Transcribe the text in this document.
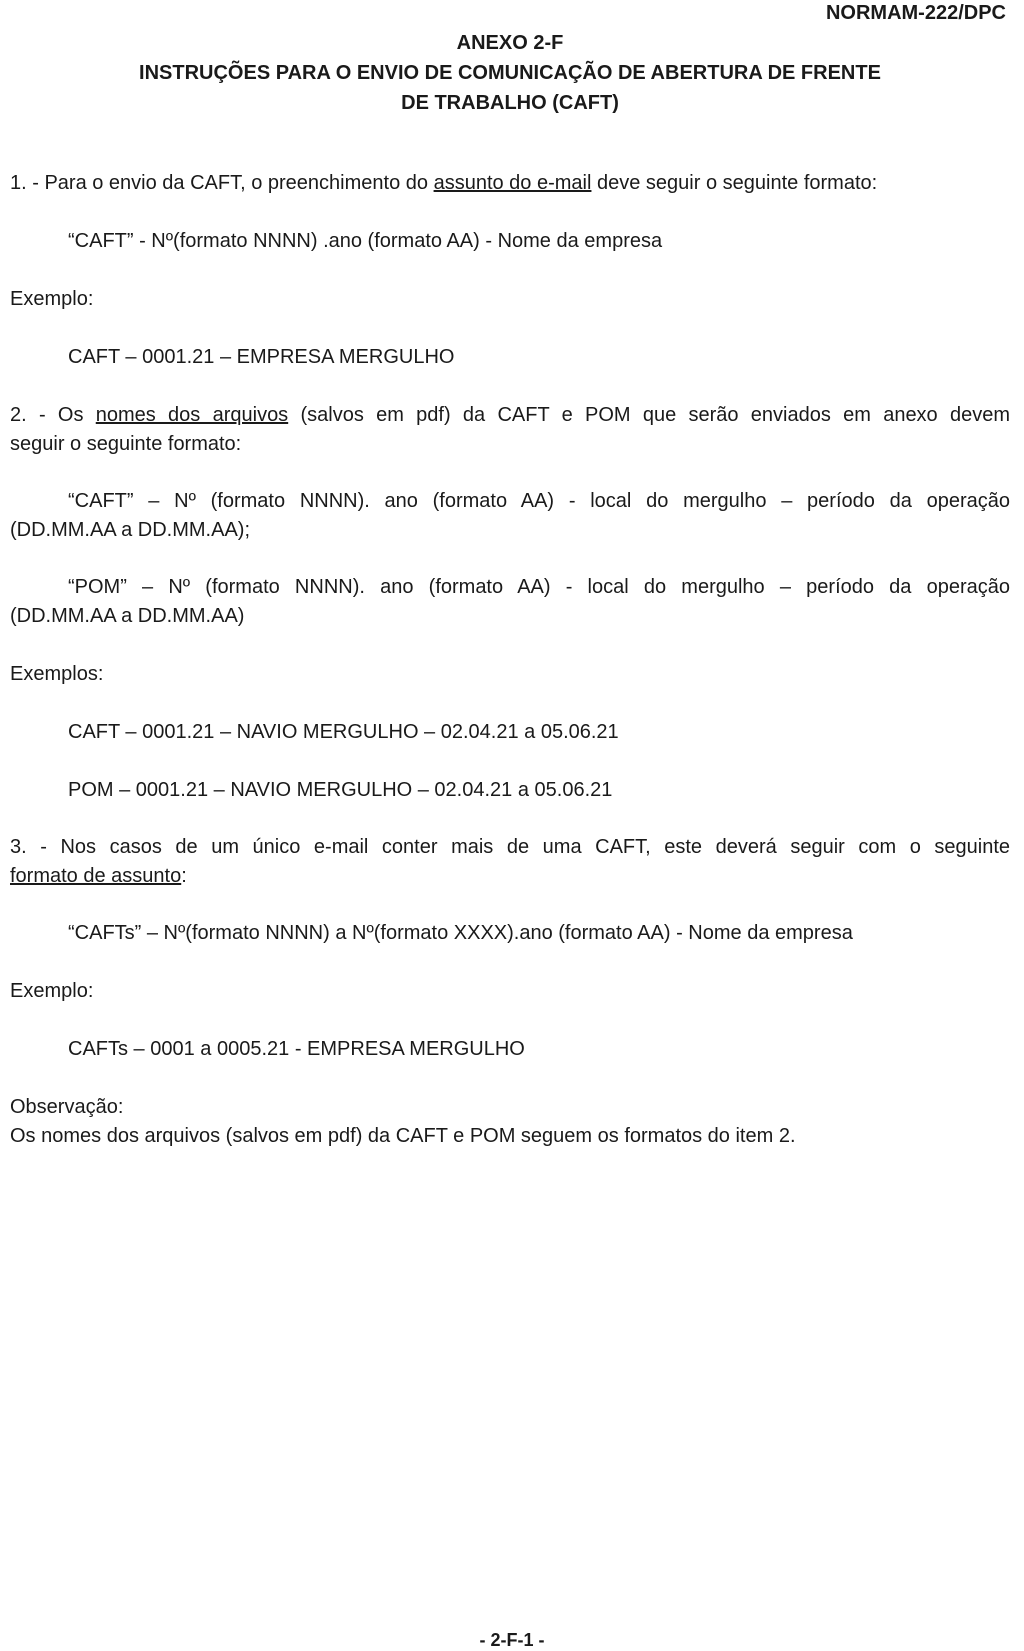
NORMAM-222/DPC
ANEXO 2-F
INSTRUÇÕES PARA O ENVIO DE COMUNICAÇÃO DE ABERTURA DE FRENTE
DE TRABALHO (CAFT)
1. - Para o envio da CAFT, o preenchimento do assunto do e-mail deve seguir o seguinte formato:
“CAFT” - Nº(formato NNNN) .ano (formato AA) - Nome da empresa
Exemplo:
CAFT – 0001.21 – EMPRESA MERGULHO
2. - Os nomes dos arquivos (salvos em pdf) da CAFT e POM que serão enviados em anexo devem
seguir o seguinte formato:
“CAFT” – Nº (formato NNNN). ano (formato AA) - local do mergulho – período da operação
(DD.MM.AA a DD.MM.AA);
“POM” – Nº (formato NNNN). ano (formato AA) - local do mergulho – período da operação
(DD.MM.AA a DD.MM.AA)
Exemplos:
CAFT – 0001.21 – NAVIO MERGULHO – 02.04.21 a 05.06.21
POM – 0001.21 – NAVIO MERGULHO – 02.04.21 a 05.06.21
3. - Nos casos de um único e-mail conter mais de uma CAFT, este deverá seguir com o seguinte
formato de assunto:
“CAFTs” – Nº(formato NNNN) a Nº(formato XXXX).ano (formato AA) - Nome da empresa
Exemplo:
CAFTs – 0001 a 0005.21 - EMPRESA MERGULHO
Observação:
Os nomes dos arquivos (salvos em pdf) da CAFT e POM seguem os formatos do item 2.
- 2-F-1 -
